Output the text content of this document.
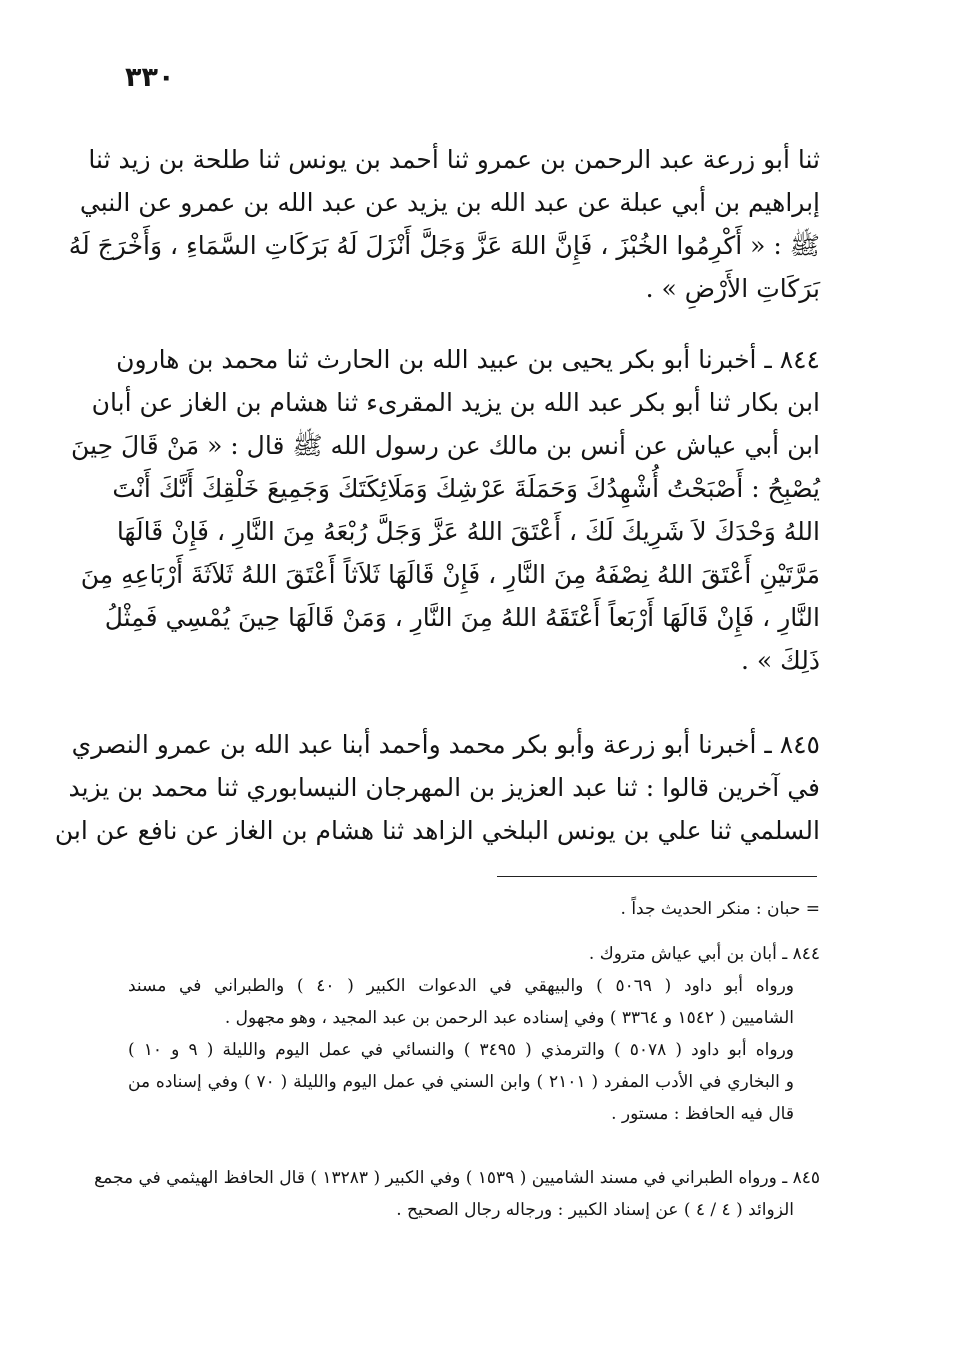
٣٣٠
ثنا أبو زرعة عبد الرحمن بن عمرو ثنا أحمد بن يونس ثنا طلحة بن زيد ثنا
إبراهيم بن أبي عبلة عن عبد الله بن يزيد عن عبد الله بن عمرو عن النبي
ﷺ : « أَكْرِمُوا الخُبْزَ ، فَإِنَّ اللهَ عَزَّ وَجَلَّ أَنْزَلَ لَهُ بَرَكَاتِ السَّمَاءِ ، وَأَخْرَجَ لَهُ
بَرَكَاتِ الأَرْضِ » .
٨٤٤ ـ أخبرنا أبو بكر يحيى بن عبيد الله بن الحارث ثنا محمد بن هارون
ابن بكار ثنا أبو بكر عبد الله بن يزيد المقرىء ثنا هشام بن الغاز عن أبان
ابن أبي عياش عن أنس بن مالك عن رسول الله ﷺ قال : « مَنْ قَالَ حِينَ
يُصْبِحُ : أَصْبَحْتُ أُشْهِدُكَ وَحَمَلَةَ عَرْشِكَ وَمَلَائِكَتَكَ وَجَمِيعَ خَلْقِكَ أَنَّكَ أَنْتَ
اللهُ وَحْدَكَ لاَ شَرِيكَ لَكَ ، أَعْتَقَ اللهُ عَزَّ وَجَلَّ رُبْعَهُ مِنَ النَّارِ ، فَإِنْ قَالَهَا
مَرَّتَيْنِ أَعْتَقَ اللهُ نِصْفَهُ مِنَ النَّارِ ، فَإِنْ قَالَهَا ثَلاَثاً أَعْتَقَ اللهُ ثَلاَثَةَ أَرْبَاعِهِ مِنَ
النَّارِ ، فَإِنْ قَالَهَا أَرْبَعاً أَعْتَقَهُ اللهُ مِنَ النَّارِ ، وَمَنْ قَالَهَا حِينَ يُمْسِي فَمِثْلُ
ذَلِكَ » .
٨٤٥ ـ أخبرنا أبو زرعة وأبو بكر محمد وأحمد أبنا عبد الله بن عمرو النصري
في آخرين قالوا : ثنا عبد العزيز بن المهرجان النيسابوري ثنا محمد بن يزيد
السلمي ثنا علي بن يونس البلخي الزاهد ثنا هشام بن الغاز عن نافع عن ابن
= حبان : منكر الحديث جداً .
٨٤٤ ـ أبان بن أبي عياش متروك .
ورواه أبو داود ( ٥٠٦٩ ) والبيهقي في الدعوات الكبير ( ٤٠ ) والطبراني في مسند
الشاميين ( ١٥٤٢ و ٣٣٦٤ ) وفي إسناده عبد الرحمن بن عبد المجيد ، وهو مجهول .
ورواه أبو داود ( ٥٠٧٨ ) والترمذي ( ٣٤٩٥ ) والنسائي في عمل اليوم والليلة ( ٩ و ١٠ )
و البخاري في الأدب المفرد ( ٢١٠١ ) وابن السني في عمل اليوم والليلة ( ٧٠ ) وفي إسناده من
قال فيه الحافظ : مستور .
٨٤٥ ـ ورواه الطبراني في مسند الشاميين ( ١٥٣٩ ) وفي الكبير ( ١٣٢٨٣ ) قال الحافظ الهيثمي في مجمع
الزوائد ( ٤ / ٤ ) عن إسناد الكبير : ورجاله رجال الصحيح .
